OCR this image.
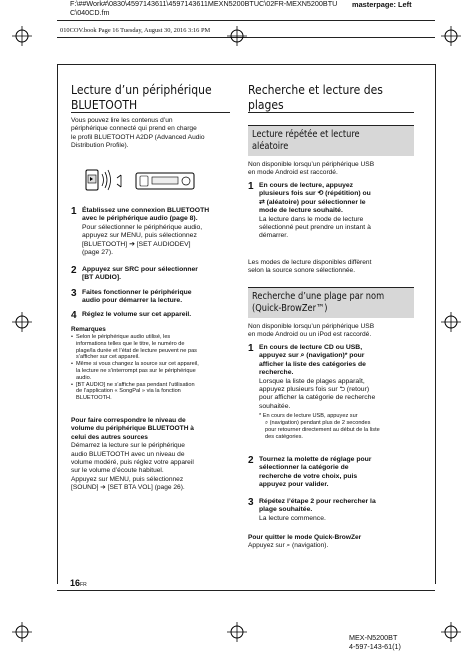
F:\##Work#\0830\4597143611\4597143611MEXN5200BTUC\02FR-MEXN5200BTUC\040CD.fm
masterpage: Left
010COV.book Page 16 Tuesday, August 30, 2016 3:16 PM
Lecture d’un périphérique
BLUETOOTH
Vous pouvez lire les contenus d’un
périphérique connecté qui prend en charge
le profil BLUETOOTH A2DP (Advanced Audio
Distribution Profile).
1 Établissez une connexion BLUETOOTH
avec le périphérique audio (page 8).
Pour sélectionner le périphérique audio,
appuyez sur MENU, puis sélectionnez
[BLUETOOTH] ➔ [SET AUDIODEV]
(page 27).
2 Appuyez sur SRC pour sélectionner
[BT AUDIO].
3 Faites fonctionner le périphérique
audio pour démarrer la lecture.
4 Réglez le volume sur cet appareil.
Remarques
• Selon le périphérique audio utilisé, les
informations telles que le titre, le numéro de
plage/la durée et l’état de lecture peuvent ne pas
s’afficher sur cet appareil.
• Même si vous changez la source sur cet appareil,
la lecture ne s’interrompt pas sur le périphérique
audio.
• [BT AUDIO] ne s’affiche pas pendant l’utilisation
de l’application « SongPal » via la fonction
BLUETOOTH.
Pour faire correspondre le niveau de
volume du périphérique BLUETOOTH à
celui des autres sources
Démarrez la lecture sur le périphérique
audio BLUETOOTH avec un niveau de
volume modéré, puis réglez votre appareil
sur le volume d’écoute habituel.
Appuyez sur MENU, puis sélectionnez
[SOUND] ➔ [SET BTA VOL] (page 26).
Recherche et lecture des
plages
Lecture répétée et lecture
aléatoire
Non disponible lorsqu’un périphérique USB
en mode Android est raccordé.
1 En cours de lecture, appuyez
plusieurs fois sur ⟲ (répétition) ou
⇄ (aléatoire) pour sélectionner le
mode de lecture souhaité.
La lecture dans le mode de lecture
sélectionné peut prendre un instant à
démarrer.
Les modes de lecture disponibles diffèrent
selon la source sonore sélectionnée.
Recherche d’une plage par nom
(Quick-BrowZer™)
Non disponible lorsqu’un périphérique USB
en mode Android ou un iPod est raccordé.
1 En cours de lecture CD ou USB,
appuyez sur ⌕ (navigation)* pour
afficher la liste des catégories de
recherche.
Lorsque la liste de plages apparaît,
appuyez plusieurs fois sur ⮌ (retour)
pour afficher la catégorie de recherche
souhaitée.
* En cours de lecture USB, appuyez sur
⌕ (navigation) pendant plus de 2 secondes
pour retourner directement au début de la liste
des catégories.
2 Tournez la molette de réglage pour
sélectionner la catégorie de
recherche de votre choix, puis
appuyez pour valider.
3 Répétez l’étape 2 pour rechercher la
plage souhaitée.
La lecture commence.
Pour quitter le mode Quick-BrowZer
Appuyez sur ⌕ (navigation).
16FR
MEX-N5200BT
4-597-143-61(1)
